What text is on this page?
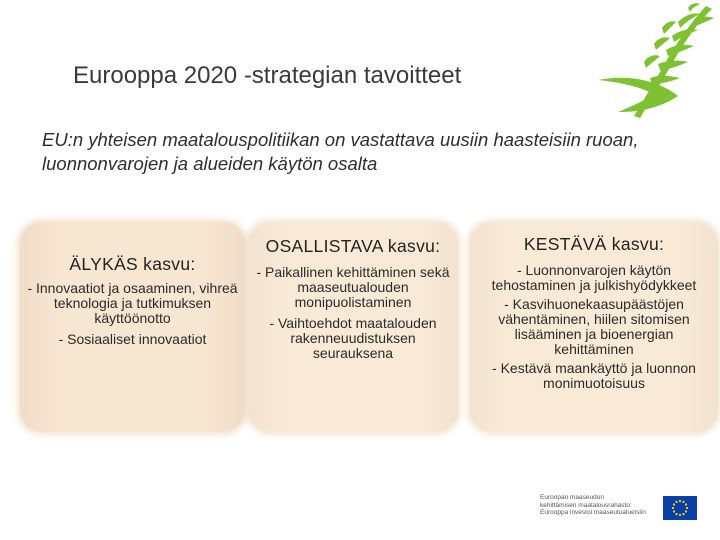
Eurooppa 2020 -strategian tavoitteet
EU:n yhteisen maatalouspolitiikan on vastattava uusiin haasteisiin ruoan, luonnonvarojen ja alueiden käytön osalta
ÄLYKÄS kasvu:
- Innovaatiot ja osaaminen, vihreä teknologia ja tutkimuksen käyttöönotto
- Sosiaaliset innovaatiot
OSALLISTAVA kasvu:
- Paikallinen kehittäminen sekä maaseutualouden monipuolistaminen
- Vaihtoehdot maatalouden rakenneuudistuksen seurauksena
KESTÄVÄ kasvu:
- Luonnonvarojen käytön tehostaminen ja julkishyödykkeet
- Kasvihuonekaasupäästöjen vähentäminen, hiilen sitomisen lisääminen ja bioenergian kehittäminen
- Kestävä maankäyttö ja luonnon monimuotoisuus
Euroopan maaseudun
kehittämisen maatalousrahasto:
Eurooppa investoi maaseutualueisiin
